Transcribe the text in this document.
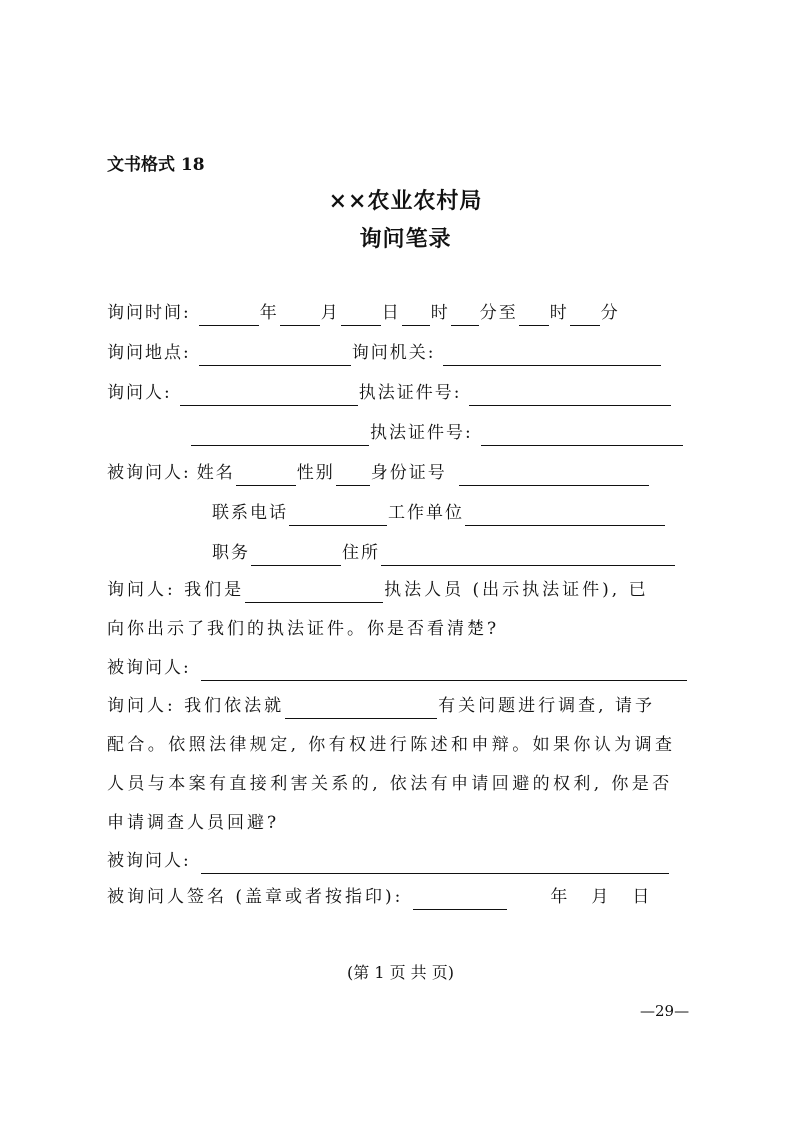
文书格式 18
××农业农村局
询问笔录
询问时间:	年 月 日 时 分至 时 分
询问地点:	询问机关:
询问人:	执法证件号:
执法证件号:
被询问人: 姓名	性别 身份证号
联系电话	工作单位
职务	住所
询问人: 我们是	执法人员 (出示执法证件), 已
向你出示了我们的执法证件。你是否看清楚?
被询问人:
询问人: 我们依法就	有关问题进行调查, 请予
配合。依照法律规定, 你有权进行陈述和申辩。如果你认为调查
人员与本案有直接利害关系的, 依法有申请回避的权利, 你是否
申请调查人员回避?
被询问人:
被询问人签名 (盖章或者按指印):	年 月 日
(第 1 页 共 页)
—29—
